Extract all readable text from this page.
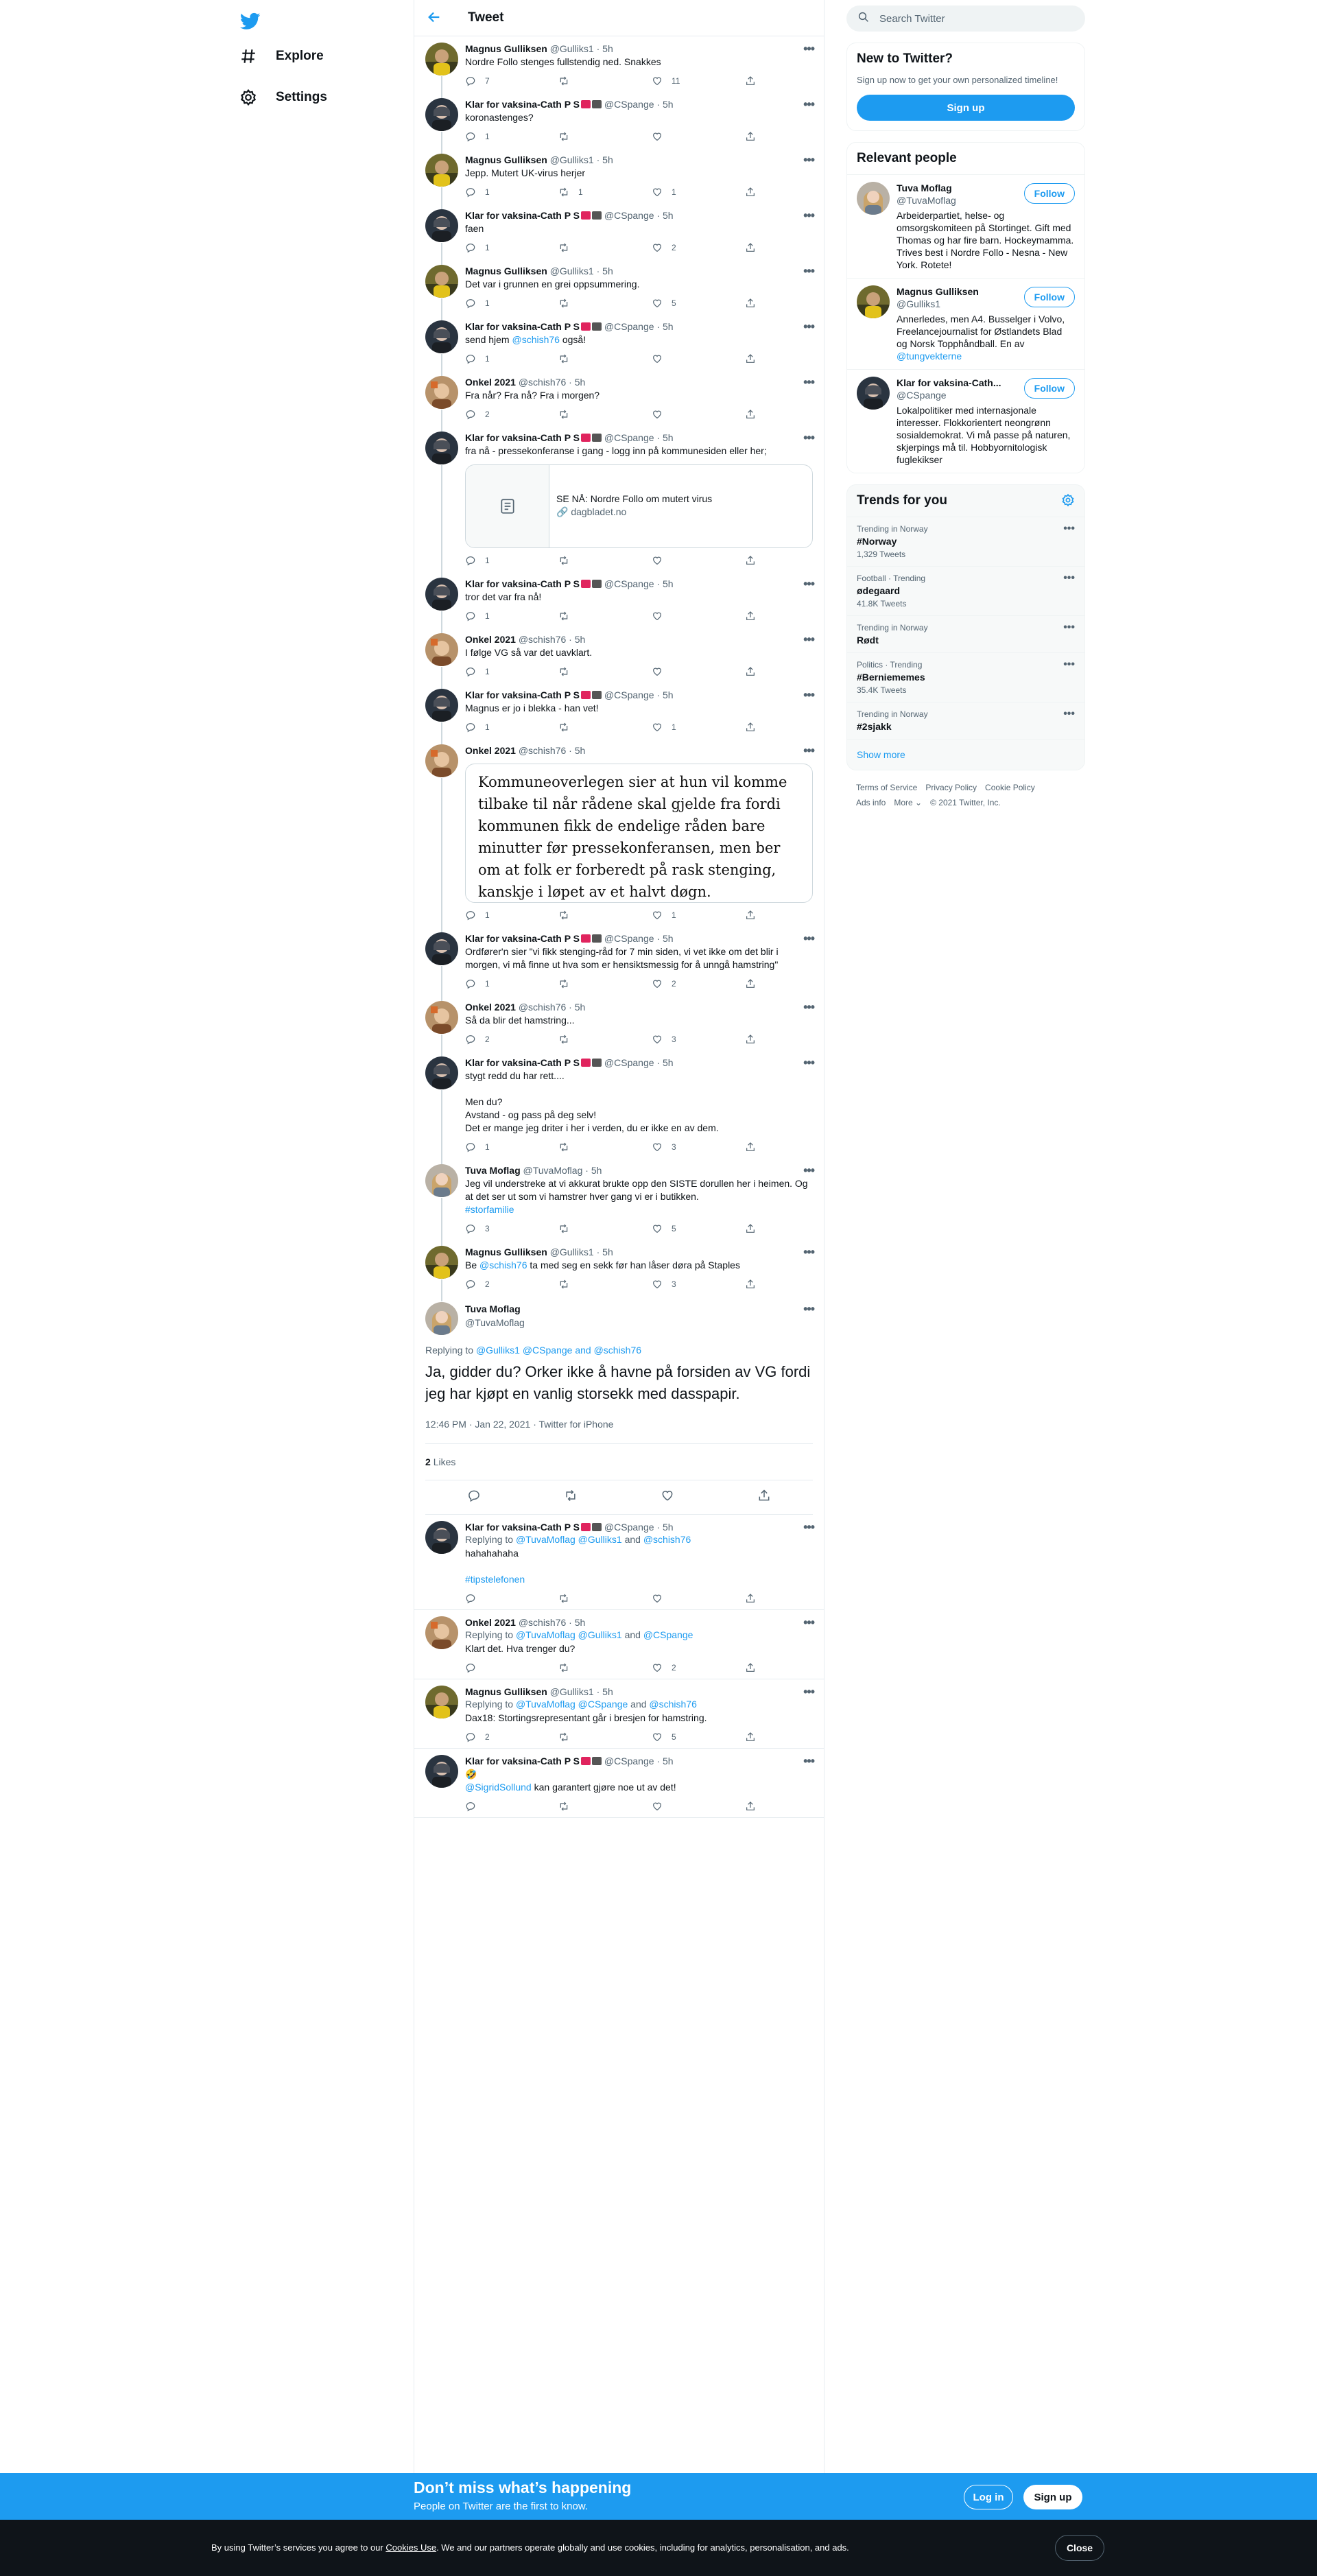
Explore
Settings
Tweet
Magnus Gulliksen @Gulliks1 · 5h
Nordre Follo stenges fullstendig ned. Snakkes
7	11
•••
Klar for vaksina-Cath P S	@CSpange · 5h
koronastenges?
1
•••
Magnus Gulliksen @Gulliks1 · 5h
Jepp. Mutert UK-virus herjer
1	1	1
•••
Klar for vaksina-Cath P S	@CSpange · 5h
faen
1	2
•••
Magnus Gulliksen @Gulliks1 · 5h
Det var i grunnen en grei oppsummering.
1	5
•••
Klar for vaksina-Cath P S	@CSpange · 5h
send hjem @schish76 også!
1
•••
Onkel 2021 @schish76 · 5h
Fra når? Fra nå? Fra i morgen?
2
•••
Klar for vaksina-Cath P S	@CSpange · 5h
fra nå - pressekonferanse i gang - logg inn på kommunesiden eller her;
SE NÅ: Nordre Follo om mutert virus
🔗 dagbladet.no
1
•••
Klar for vaksina-Cath P S	@CSpange · 5h
tror det var fra nå!
1
•••
Onkel 2021 @schish76 · 5h
I følge VG så var det uavklart.
1
•••
Klar for vaksina-Cath P S	@CSpange · 5h
Magnus er jo i blekka - han vet!
1	1
•••
Onkel 2021 @schish76 · 5h
Kommuneoverlegen sier at hun vil komme tilbake til når rådene skal gjelde fra fordi kommunen fikk de endelige råden bare minutter før pressekonferansen, men ber om at folk er forberedt på rask stenging, kanskje i løpet av et halvt døgn.
1	1
•••
Klar for vaksina-Cath P S	@CSpange · 5h
Ordfører'n sier "vi fikk stenging-råd for 7 min siden, vi vet ikke om det blir i morgen, vi må finne ut hva som er hensiktsmessig for å unngå hamstring"
1	2
•••
Onkel 2021 @schish76 · 5h
Så da blir det hamstring...
2	3
•••
Klar for vaksina-Cath P S	@CSpange · 5h
stygt redd du har rett....

Men du?
Avstand - og pass på deg selv!
Det er mange jeg driter i her i verden, du er ikke en av dem.
1	3
•••
Tuva Moflag @TuvaMoflag · 5h
Jeg vil understreke at vi akkurat brukte opp den SISTE dorullen her i heimen. Og at det ser ut som vi hamstrer hver gang vi er i butikken.
#storfamilie
3	5
•••
Magnus Gulliksen @Gulliks1 · 5h
Be @schish76 ta med seg en sekk før han låser døra på Staples
2	3
•••
Tuva Moflag
@TuvaMoflag
•••
Replying to @Gulliks1 @CSpange and @schish76
Ja, gidder du? Orker ikke å havne på forsiden av VG fordi jeg har kjøpt en vanlig storsekk med dasspapir.
12:46 PM · Jan 22, 2021 · Twitter for iPhone
2 Likes
Klar for vaksina-Cath P S	@CSpange · 5h
Replying to @TuvaMoflag @Gulliks1 and @schish76
hahahahaha
#tipstelefonen
•••
Onkel 2021 @schish76 · 5h
Replying to @TuvaMoflag @Gulliks1 and @CSpange
Klart det. Hva trenger du?
2
•••
Magnus Gulliksen @Gulliks1 · 5h
Replying to @TuvaMoflag @CSpange and @schish76
Dax18: Stortingsrepresentant går i bresjen for hamstring.
2	5
•••
Klar for vaksina-Cath P S	@CSpange · 5h
🤣
@SigridSollund kan garantert gjøre noe ut av det!
•••
Search Twitter
New to Twitter?
Sign up now to get your own personalized timeline!
Sign up
Relevant people
Tuva Moflag
@TuvaMoflag
Arbeiderpartiet, helse- og omsorgskomiteen på Stortinget. Gift med Thomas og har fire barn. Hockeymamma. Trives best i Nordre Follo - Nesna - New York. Rotete!
Follow
Magnus Gulliksen
@Gulliks1
Annerledes, men A4. Busselger i Volvo, Freelancejournalist for Østlandets Blad og Norsk Topphåndball. En av @tungvekterne
Follow
Klar for vaksina-Cath...
@CSpange
Lokalpolitiker med internasjonale interesser. Flokkorientert neongrønn sosialdemokrat. Vi må passe på naturen, skjerpings må til. Hobbyornitologisk fuglekikser
Follow
Trends for you
Trending in Norway
#Norway
1,329 Tweets
•••
Football · Trending
ødegaard
41.8K Tweets
•••
Trending in Norway
Rødt
•••
Politics · Trending
#Berniememes
35.4K Tweets
•••
Trending in Norway
#2sjakk
•••
Show more
Terms of Service Privacy Policy Cookie Policy
Ads info More ⌄ © 2021 Twitter, Inc.
Don’t miss what’s happening
People on Twitter are the first to know.
Log in	Sign up
By using Twitter’s services you agree to our Cookies Use. We and our partners operate globally and use cookies, including for analytics, personalisation, and ads.	Close
